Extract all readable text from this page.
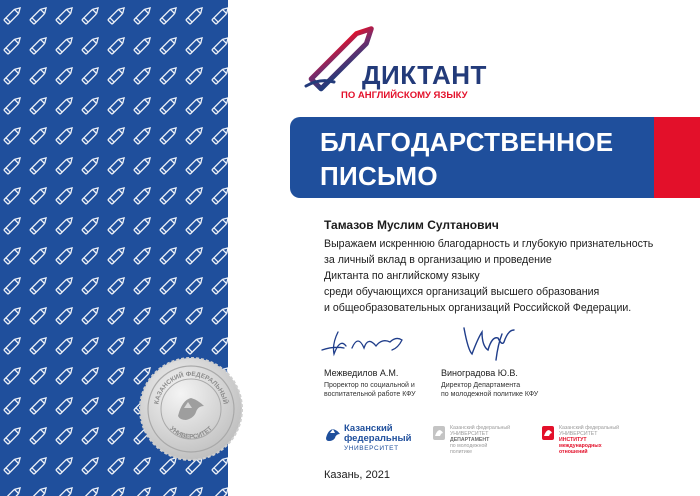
КАЗАНСКИЙ ФЕДЕРАЛЬНЫЙ
УНИВЕРСИТЕТ
ДИКТАНТ
ПО АНГЛИЙСКОМУ ЯЗЫКУ
БЛАГОДАРСТВЕННОЕ
ПИСЬМО
Тамазов Муслим Султанович
Выражаем искреннюю благодарность и глубокую признательность
за личный вклад в организацию и проведение
Диктанта по английскому языку
среди обучающихся организаций высшего образования
и общеобразовательных организаций Российской Федерации.
Межведилов А.М.
Проректор по социальной и
воспитательной работе КФУ
Виноградова Ю.В.
Директор Департамента
по молодежной политике КФУ
Казанский
федеральный
УНИВЕРСИТЕТ
Казанский федеральный
УНИВЕРСИТЕТ
ДЕПАРТАМЕНТ
по молодежной
политике
Казанский федеральный
УНИВЕРСИТЕТ
ИНСТИТУТ
международных
отношений
Казань, 2021
